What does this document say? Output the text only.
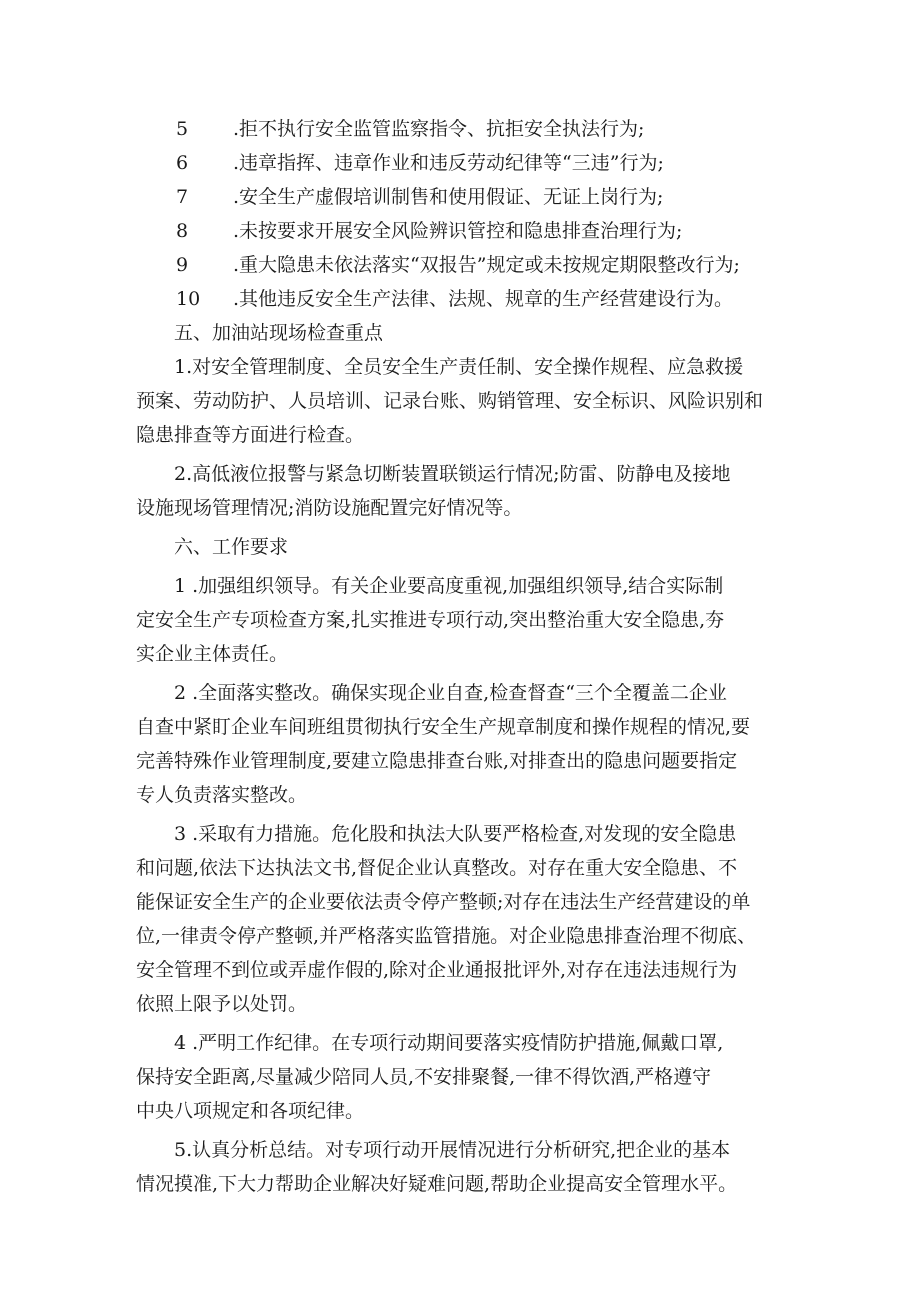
5	.拒不执行安全监管监察指令、抗拒安全执法行为;
6	.违章指挥、违章作业和违反劳动纪律等“三违”行为;
7	.安全生产虚假培训制售和使用假证、无证上岗行为;
8	.未按要求开展安全风险辨识管控和隐患排查治理行为;
9	.重大隐患未依法落实“双报告”规定或未按规定期限整改行为;
10	.其他违反安全生产法律、法规、规章的生产经营建设行为。

五、加油站现场检查重点

1.对安全管理制度、全员安全生产责任制、安全操作规程、应急救援
预案、劳动防护、人员培训、记录台账、购销管理、安全标识、风险识别和
隐患排查等方面进行检查。
2.高低液位报警与紧急切断装置联锁运行情况;防雷、防静电及接地
设施现场管理情况;消防设施配置完好情况等。

六、工作要求

1 .加强组织领导。有关企业要高度重视,加强组织领导,结合实际制
定安全生产专项检查方案,扎实推进专项行动,突出整治重大安全隐患,夯
实企业主体责任。
2 .全面落实整改。确保实现企业自查,检查督查“三个全覆盖二企业
自查中紧盯企业车间班组贯彻执行安全生产规章制度和操作规程的情况,要
完善特殊作业管理制度,要建立隐患排查台账,对排查出的隐患问题要指定
专人负责落实整改。
3 .采取有力措施。危化股和执法大队要严格检查,对发现的安全隐患
和问题,依法下达执法文书,督促企业认真整改。对存在重大安全隐患、不
能保证安全生产的企业要依法责令停产整顿;对存在违法生产经营建设的单
位,一律责令停产整顿,并严格落实监管措施。对企业隐患排查治理不彻底、
安全管理不到位或弄虚作假的,除对企业通报批评外,对存在违法违规行为
依照上限予以处罚。
4 .严明工作纪律。在专项行动期间要落实疫情防护措施,佩戴口罩,
保持安全距离,尽量减少陪同人员,不安排聚餐,一律不得饮酒,严格遵守
中央八项规定和各项纪律。
5.认真分析总结。对专项行动开展情况进行分析研究,把企业的基本
情况摸准,下大力帮助企业解决好疑难问题,帮助企业提高安全管理水平。
